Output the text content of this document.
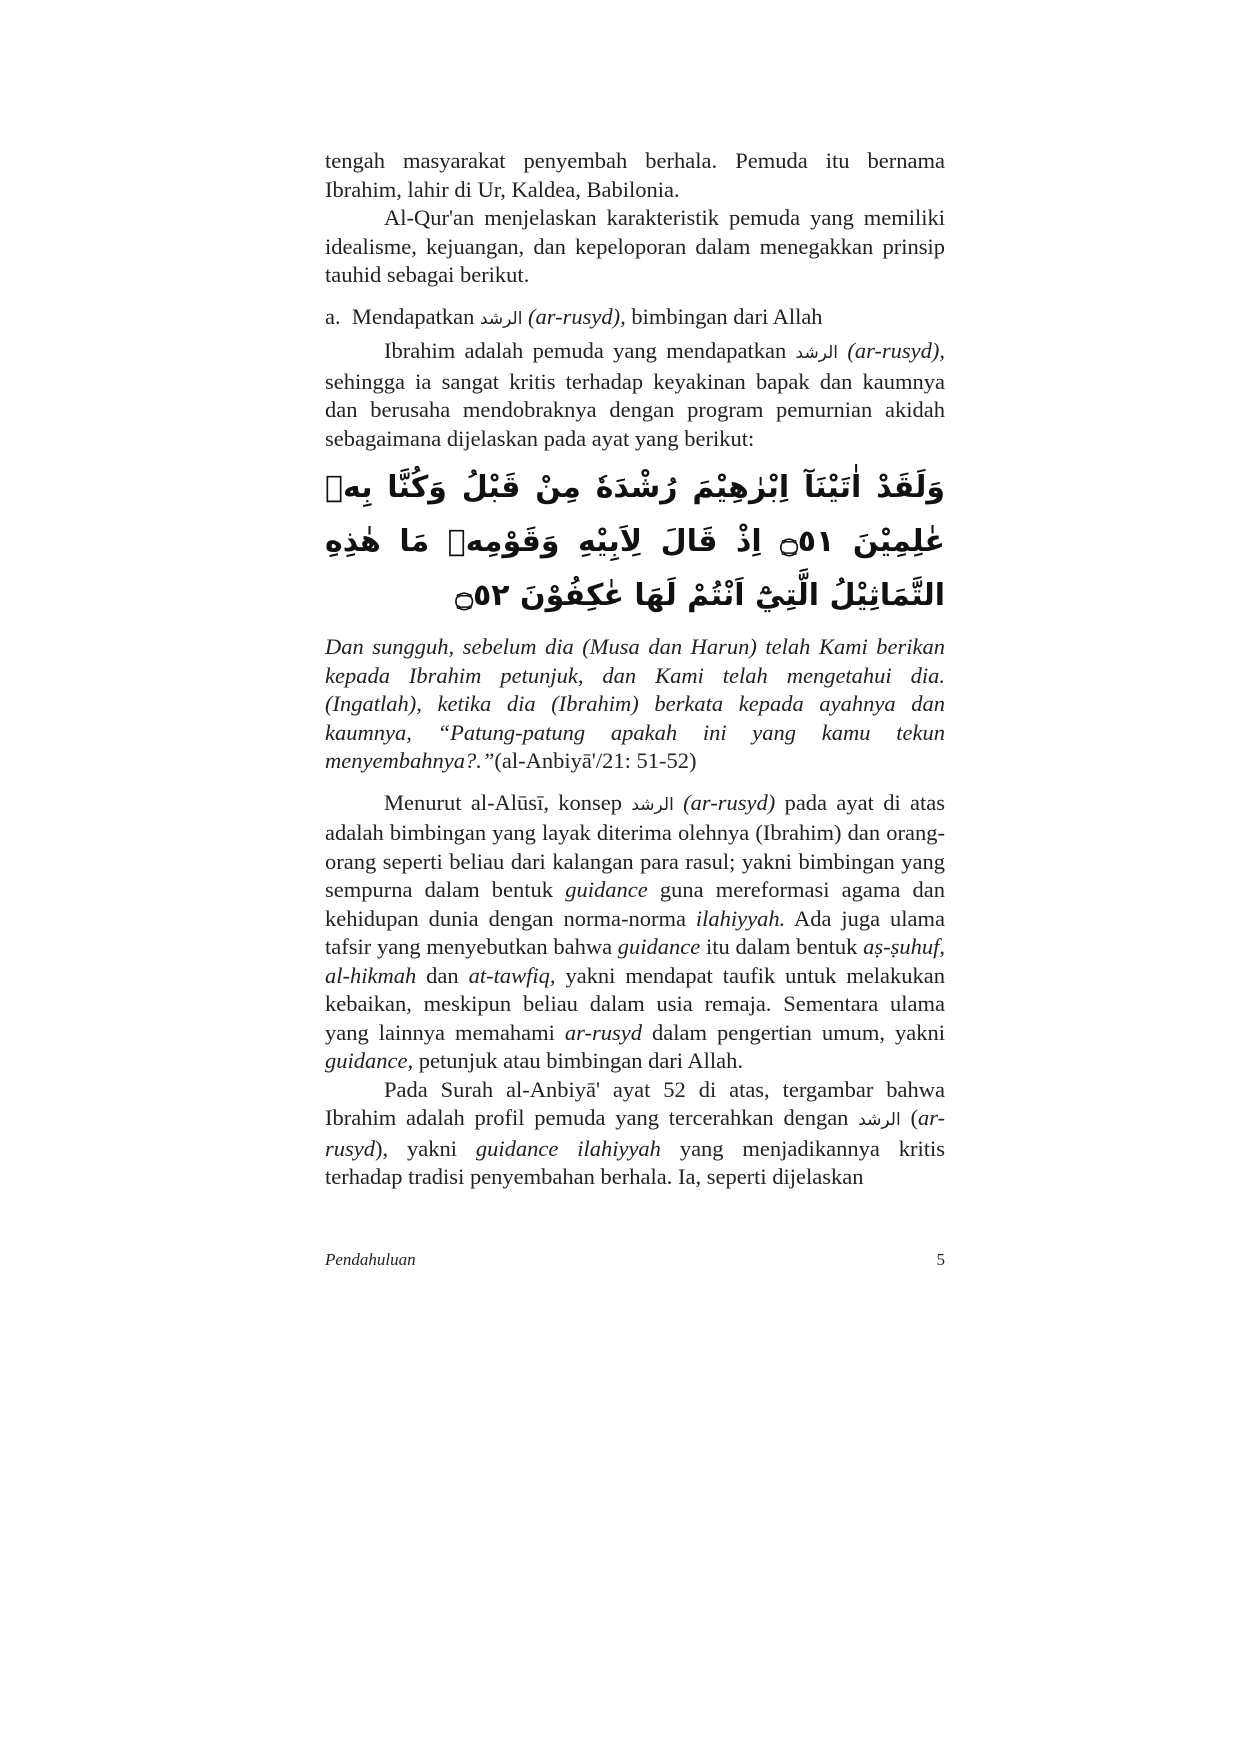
tengah masyarakat penyembah berhala. Pemuda itu bernama Ibrahim, lahir di Ur, Kaldea, Babilonia.

Al-Qur'an menjelaskan karakteristik pemuda yang memiliki idealisme, kejuangan, dan kepeloporan dalam menegakkan prinsip tauhid sebagai berikut.

a. Mendapatkan الرشد (ar-rusyd), bimbingan dari Allah

Ibrahim adalah pemuda yang mendapatkan الرشد (ar-rusyd), sehingga ia sangat kritis terhadap keyakinan bapak dan kaumnya dan berusaha mendobraknya dengan program pemurnian akidah sebagaimana dijelaskan pada ayat yang berikut:

وَلَقَدْ اٰتَيْنَآ اِبْرٰهِيْمَ رُشْدَهٗ مِنْ قَبْلُ وَكُنَّا بِهٖ عٰلِمِيْنَ ۝٥١ اِذْ قَالَ لِاَبِيْهِ وَقَوْمِهٖ مَا هٰذِهِ التَّمَاثِيْلُ الَّتِيْٓ اَنْتُمْ لَهَا عٰكِفُوْنَ ۝٥٢

Dan sungguh, sebelum dia (Musa dan Harun) telah Kami berikan kepada Ibrahim petunjuk, dan Kami telah mengetahui dia. (Ingatlah), ketika dia (Ibrahim) berkata kepada ayahnya dan kaumnya, “Patung-patung apakah ini yang kamu tekun menyembahnya?.”(al-Anbiyā'/21: 51-52)

Menurut al-Alūsī, konsep الرشد (ar-rusyd) pada ayat di atas adalah bimbingan yang layak diterima olehnya (Ibrahim) dan orang-orang seperti beliau dari kalangan para rasul; yakni bimbingan yang sempurna dalam bentuk guidance guna mereformasi agama dan kehidupan dunia dengan norma-norma ilahiyyah. Ada juga ulama tafsir yang menyebutkan bahwa guidance itu dalam bentuk aṣ-ṣuhuf, al-hikmah dan at-tawfiq, yakni mendapat taufik untuk melakukan kebaikan, meskipun beliau dalam usia remaja. Sementara ulama yang lainnya memahami ar-rusyd dalam pengertian umum, yakni guidance, petunjuk atau bimbingan dari Allah.

Pada Surah al-Anbiyā' ayat 52 di atas, tergambar bahwa Ibrahim adalah profil pemuda yang tercerahkan dengan الرشد (ar-rusyd), yakni guidance ilahiyyah yang menjadikannya kritis terhadap tradisi penyembahan berhala. Ia, seperti dijelaskan

Pendahuluan	5
